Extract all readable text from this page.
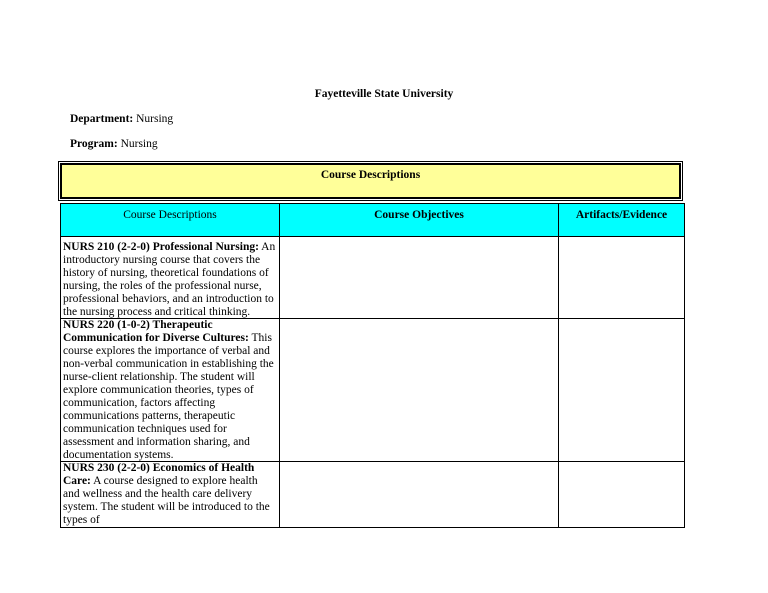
Fayetteville State University
Department: Nursing
Program: Nursing
Course Descriptions
Course Descriptions	Course Objectives	Artifacts/Evidence
NURS 210 (2-2-0) Professional Nursing: An introductory nursing course that covers the history of nursing, theoretical foundations of nursing, the roles of the professional nurse, professional behaviors, and an introduction to the nursing process and critical thinking.		
NURS 220 (1-0-2) Therapeutic Communication for Diverse Cultures: This course explores the importance of verbal and non-verbal communication in establishing the nurse-client relationship. The student will explore communication theories, types of communication, factors affecting communications patterns, therapeutic communication techniques used for assessment and information sharing, and documentation systems.		
NURS 230 (2-2-0) Economics of Health Care: A course designed to explore health and wellness and the health care delivery system. The student will be introduced to the types of		
